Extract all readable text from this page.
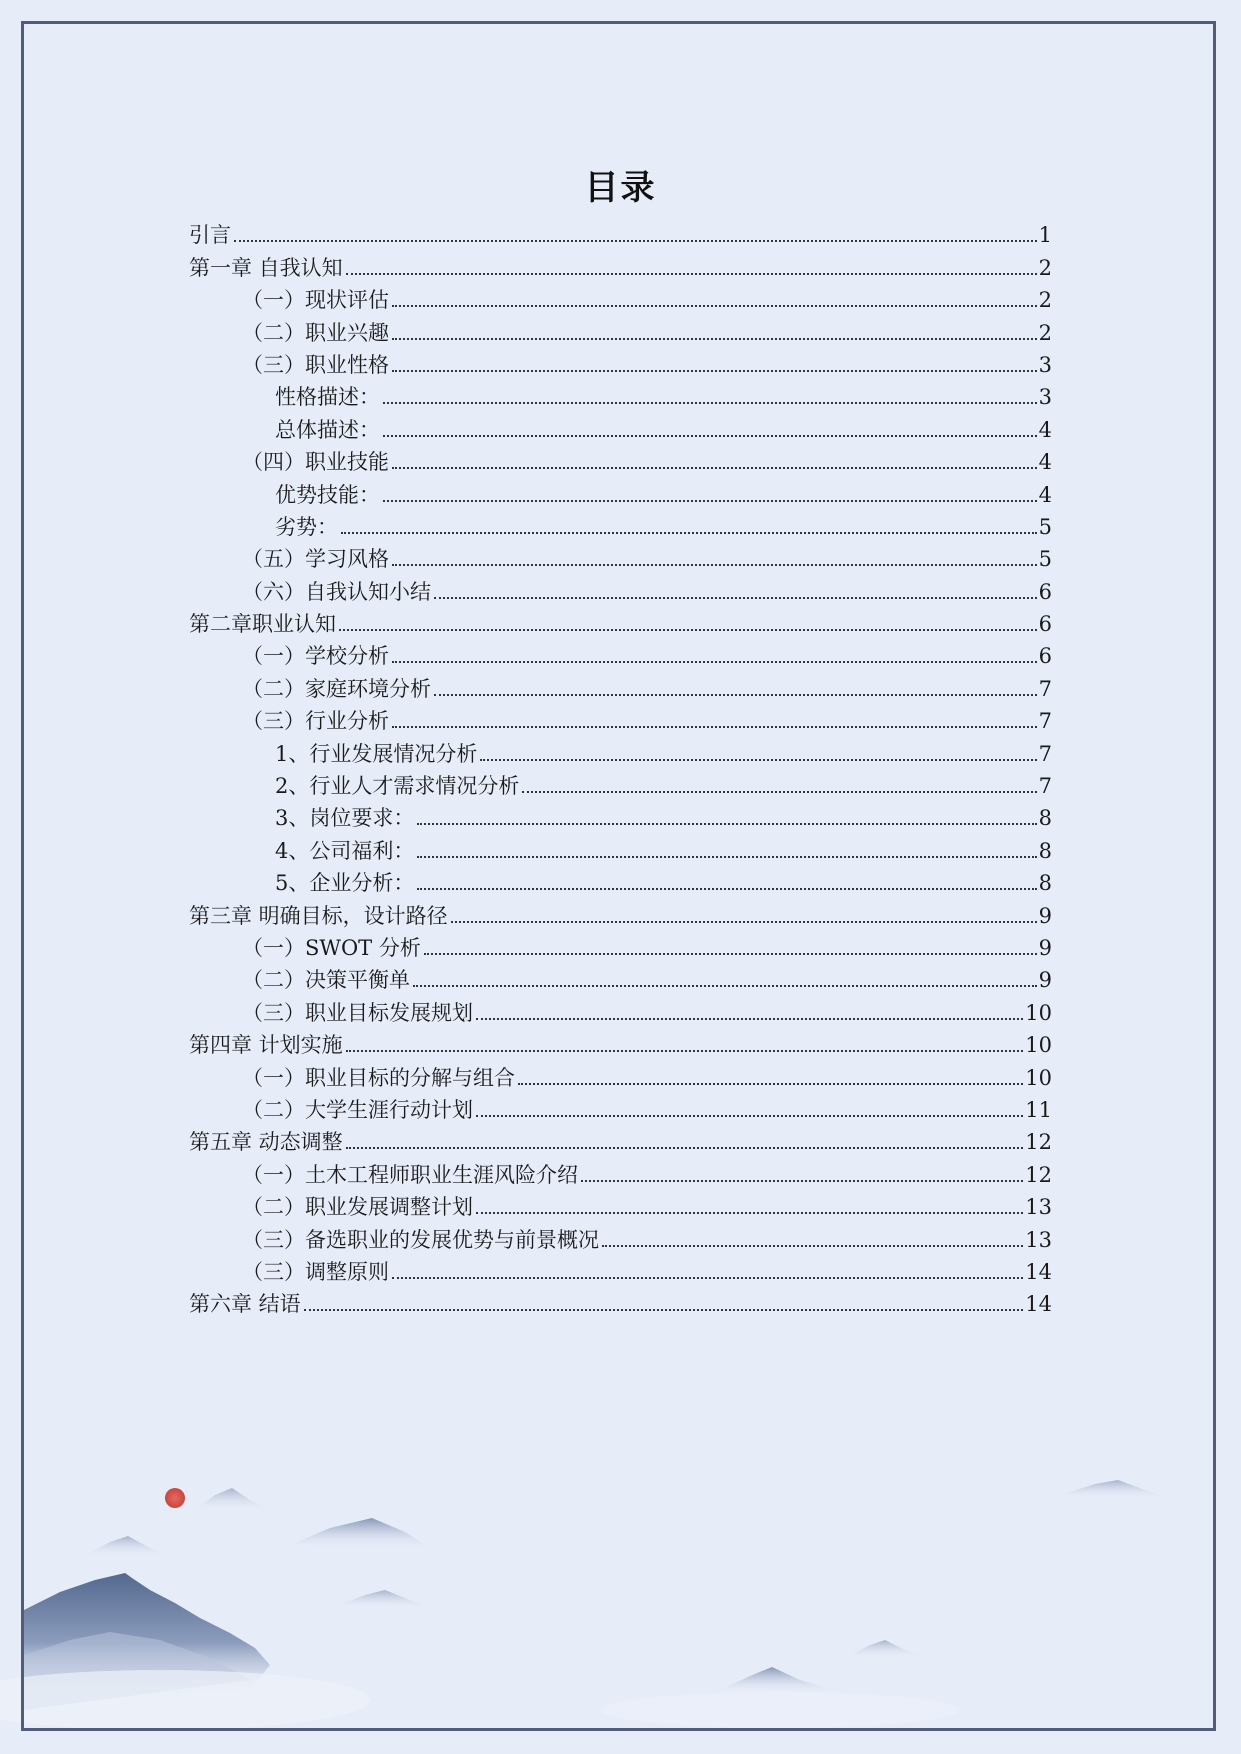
目录
引言	1
第一章 自我认知	2
（一）现状评估	2
（二）职业兴趣	2
（三）职业性格	3
性格描述：	3
总体描述：	4
（四）职业技能	4
优势技能：	4
劣势：	5
（五）学习风格	5
（六）自我认知小结	6
第二章职业认知	6
（一）学校分析	6
（二）家庭环境分析	7
（三）行业分析	7
1、行业发展情况分析	7
2、行业人才需求情况分析	7
3、岗位要求：	8
4、公司福利：	8
5、企业分析：	8
第三章 明确目标，设计路径	9
（一）SWOT 分析	9
（二）决策平衡单	9
（三）职业目标发展规划	10
第四章 计划实施	10
（一）职业目标的分解与组合	10
（二）大学生涯行动计划	11
第五章 动态调整	12
（一）土木工程师职业生涯风险介绍	12
（二）职业发展调整计划	13
（三）备选职业的发展优势与前景概况	13
（三）调整原则	14
第六章 结语	14
